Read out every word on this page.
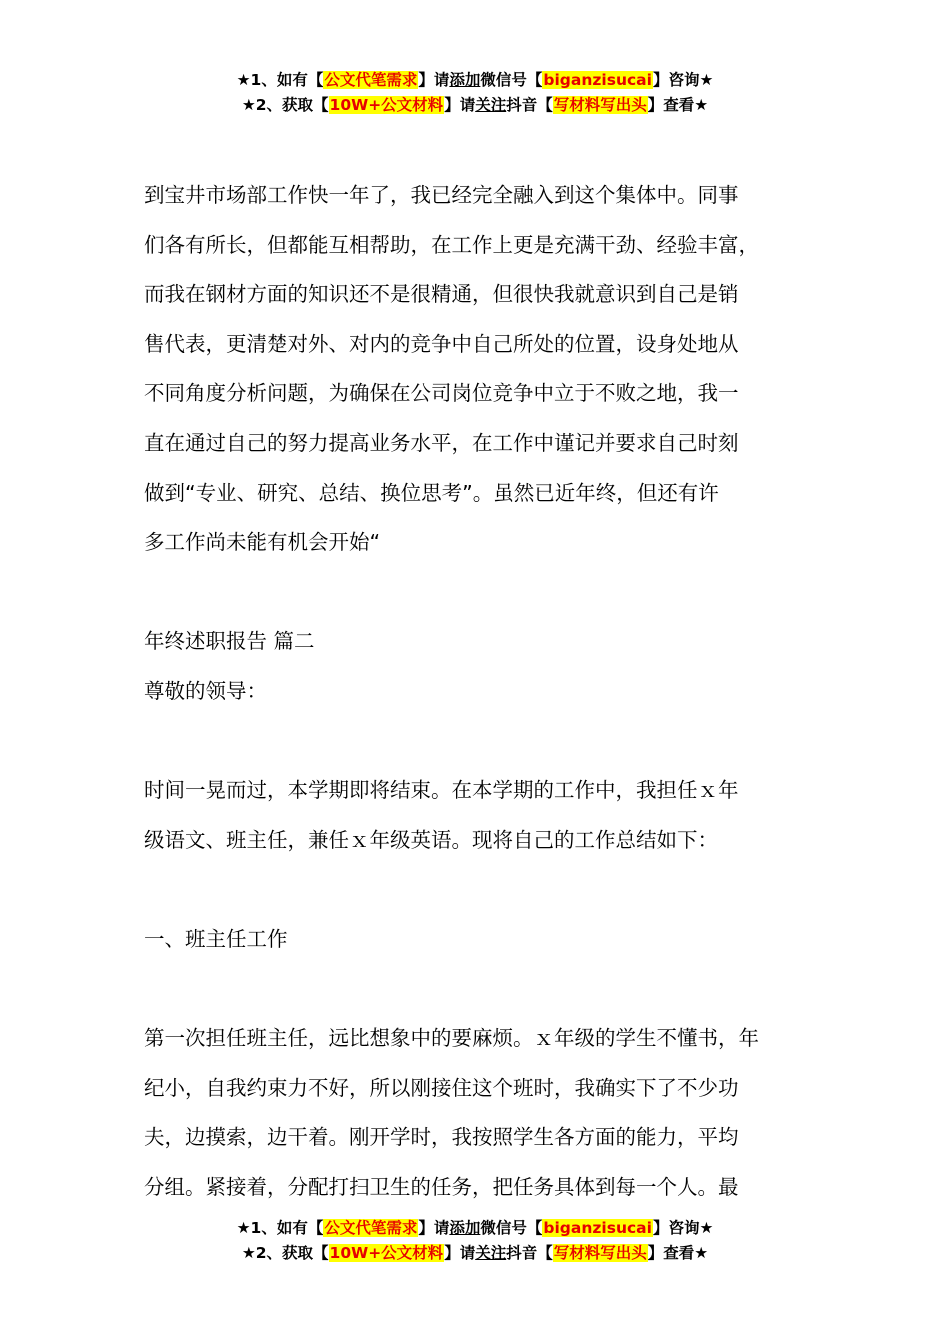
★1、如有【公文代笔需求】请添加微信号【biganzisucai】咨询★
★2、获取【10W+公文材料】请关注抖音【写材料写出头】查看★
到宝井市场部工作快一年了，我已经完全融入到这个集体中。同事
们各有所长，但都能互相帮助，在工作上更是充满干劲、经验丰富，
而我在钢材方面的知识还不是很精通，但很快我就意识到自己是销
售代表，更清楚对外、对内的竞争中自己所处的位置，设身处地从
不同角度分析问题，为确保在公司岗位竞争中立于不败之地，我一
直在通过自己的努力提高业务水平，在工作中谨记并要求自己时刻
做到“专业、研究、总结、换位思考”。虽然已近年终，但还有许
多工作尚未能有机会开始“
年终述职报告 篇二
尊敬的领导：
时间一晃而过，本学期即将结束。在本学期的工作中，我担任ｘ年
级语文、班主任，兼任ｘ年级英语。现将自己的工作总结如下：
一、班主任工作
第一次担任班主任，远比想象中的要麻烦。ｘ年级的学生不懂书，年
纪小，自我约束力不好，所以刚接住这个班时，我确实下了不少功
夫，边摸索，边干着。刚开学时，我按照学生各方面的能力，平均
分组。紧接着，分配打扫卫生的任务，把任务具体到每一个人。最
★1、如有【公文代笔需求】请添加微信号【biganzisucai】咨询★
★2、获取【10W+公文材料】请关注抖音【写材料写出头】查看★
